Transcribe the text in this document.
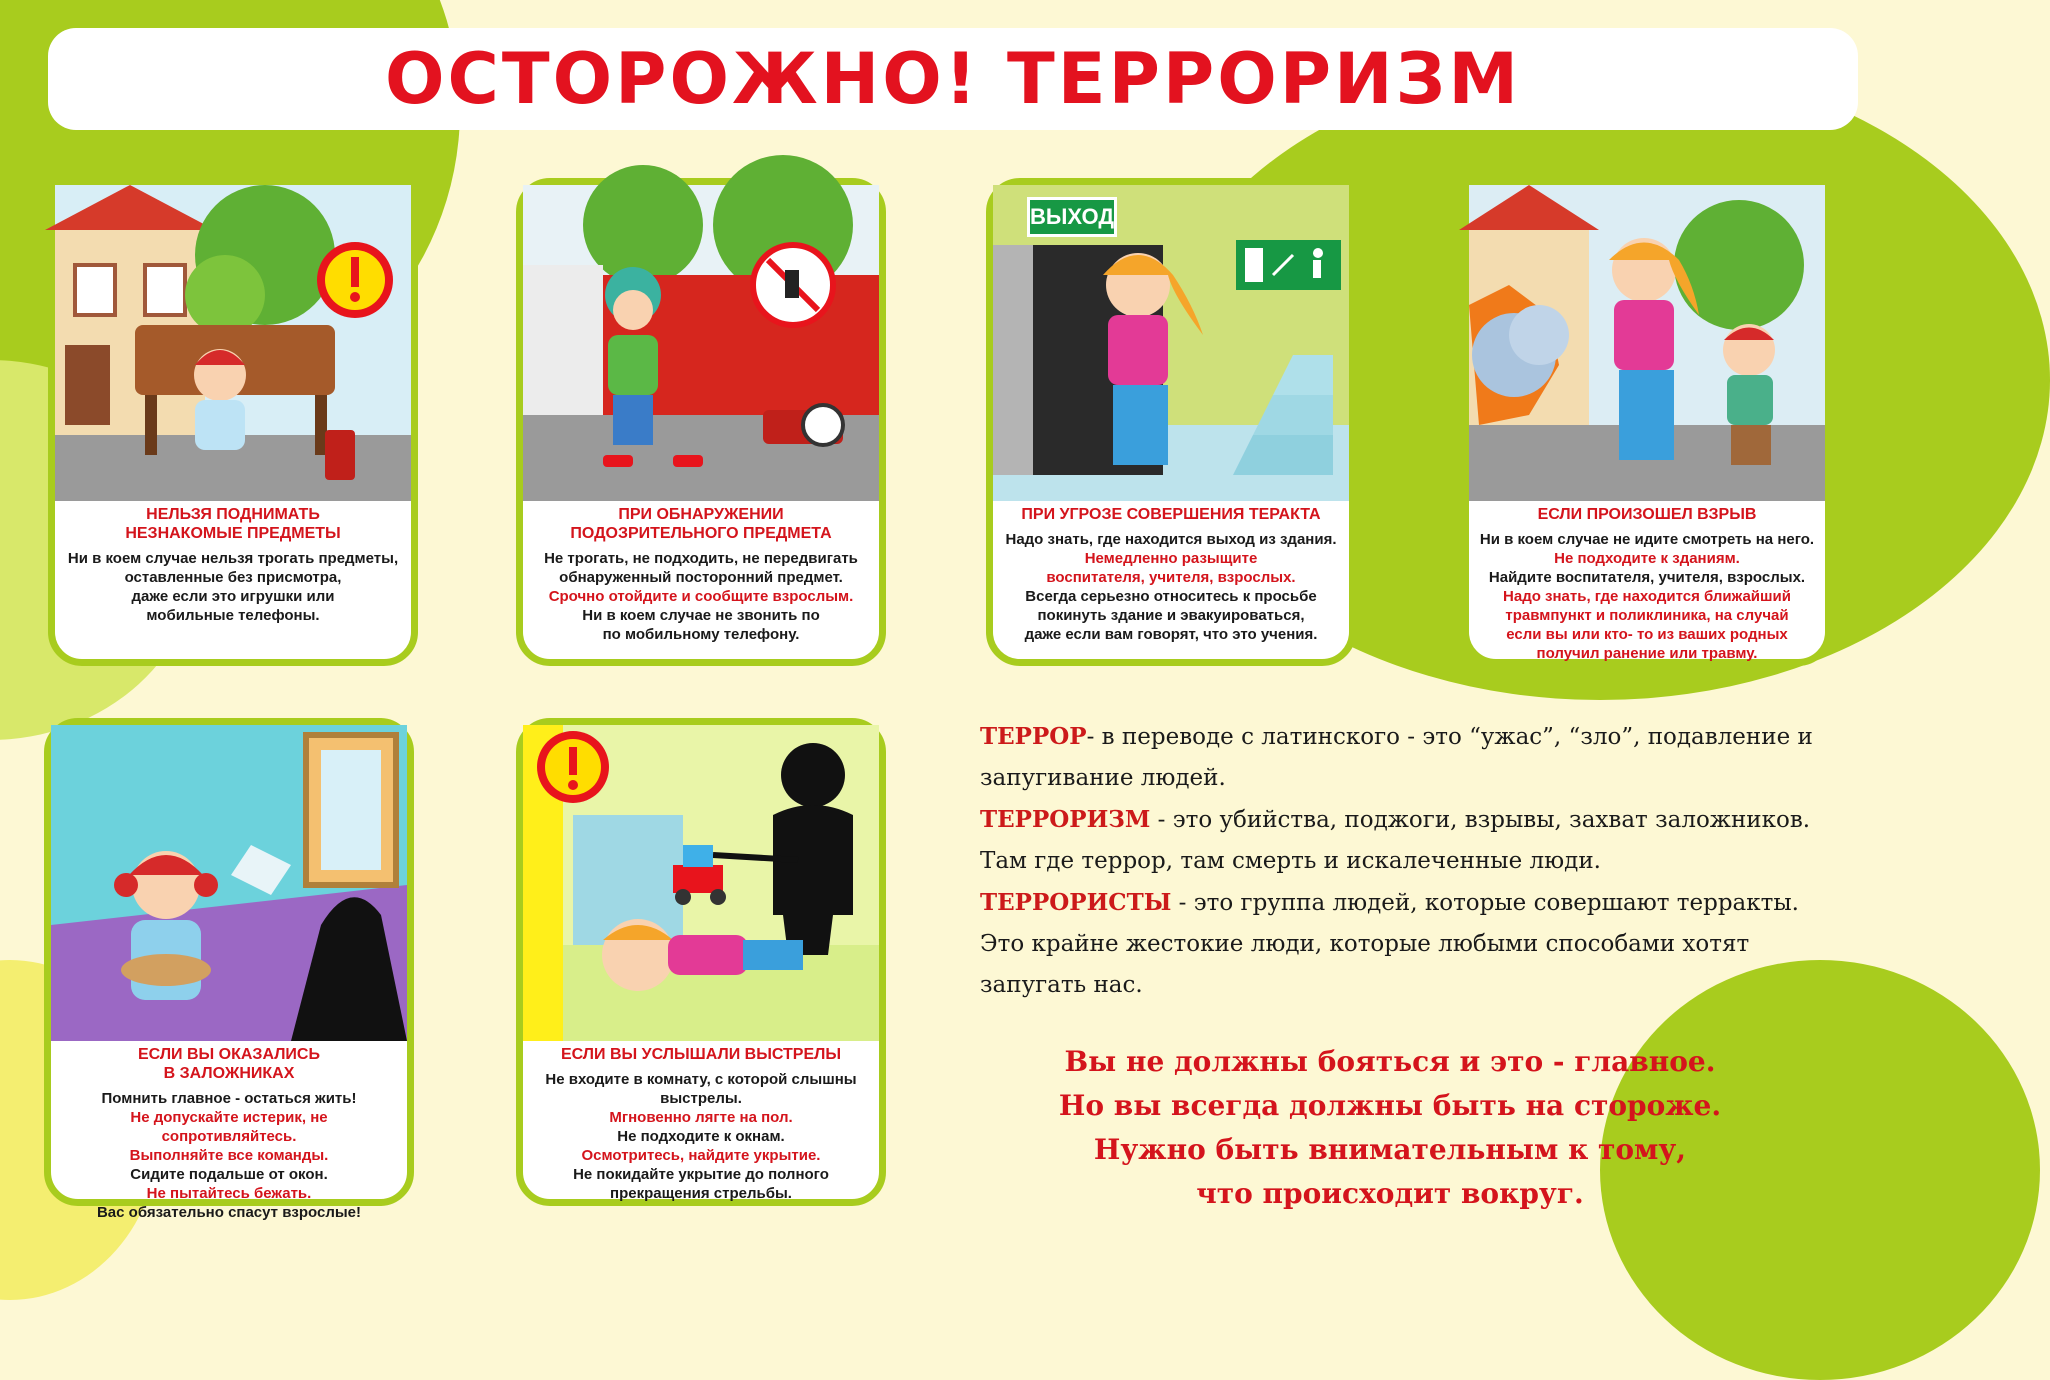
ОСТОРОЖНО! ТЕРРОРИЗМ
НЕЛЬЗЯ ПОДНИМАТЬ
НЕЗНАКОМЫЕ ПРЕДМЕТЫ
Ни в коем случае нельзя трогать предметы,
оставленные без присмотра,
даже если это игрушки или
мобильные телефоны.
ПРИ ОБНАРУЖЕНИИ
ПОДОЗРИТЕЛЬНОГО ПРЕДМЕТА
Не трогать, не подходить, не передвигать
обнаруженный посторонний предмет.
Срочно отойдите и сообщите взрослым.
Ни в коем случае не звонить по
по мобильному телефону.
ВЫХОД
ПРИ УГРОЗЕ СОВЕРШЕНИЯ ТЕРАКТА
Надо знать, где находится выход из здания.
Немедленно разыщите
воспитателя, учителя, взрослых.
Всегда серьезно относитесь к просьбе
покинуть здание и эвакуироваться,
даже если вам говорят, что это учения.
ЕСЛИ ПРОИЗОШЕЛ ВЗРЫВ
Ни в коем случае не идите смотреть на него.
Не подходите к зданиям.
Найдите воспитателя, учителя, взрослых.
Надо знать, где находится ближайший
травмпункт и поликлиника, на случай
если вы или кто- то из ваших родных
получил ранение или травму.
ЕСЛИ ВЫ ОКАЗАЛИСЬ
В ЗАЛОЖНИКАХ
Помнить главное - остаться жить!
Не допускайте истерик, не сопротивляйтесь.
Выполняйте все команды.
Сидите подальше от окон.
Не пытайтесь бежать.
Вас обязательно спасут взрослые!
ЕСЛИ ВЫ УСЛЫШАЛИ ВЫСТРЕЛЫ
Не входите в комнату, с которой слышны
выстрелы.
Мгновенно лягте на пол.
Не подходите к окнам.
Осмотритесь, найдите укрытие.
Не покидайте укрытие до полного
прекращения стрельбы.

ТЕРРОР- в переводе с латинского - это “ужас”, “зло”, подавление и

запугивание людей.

ТЕРРОРИЗМ - это убийства, поджоги, взрывы, захват заложников.

Там где террор, там смерть и искалеченные люди.

ТЕРРОРИСТЫ - это группа людей, которые совершают терракты.

Это крайне жестокие люди, которые любыми способами хотят

запугать нас.

Вы не должны бояться и это - главное.

Но вы всегда должны быть на стороже.

Нужно быть внимательным к тому,

что происходит вокруг.
